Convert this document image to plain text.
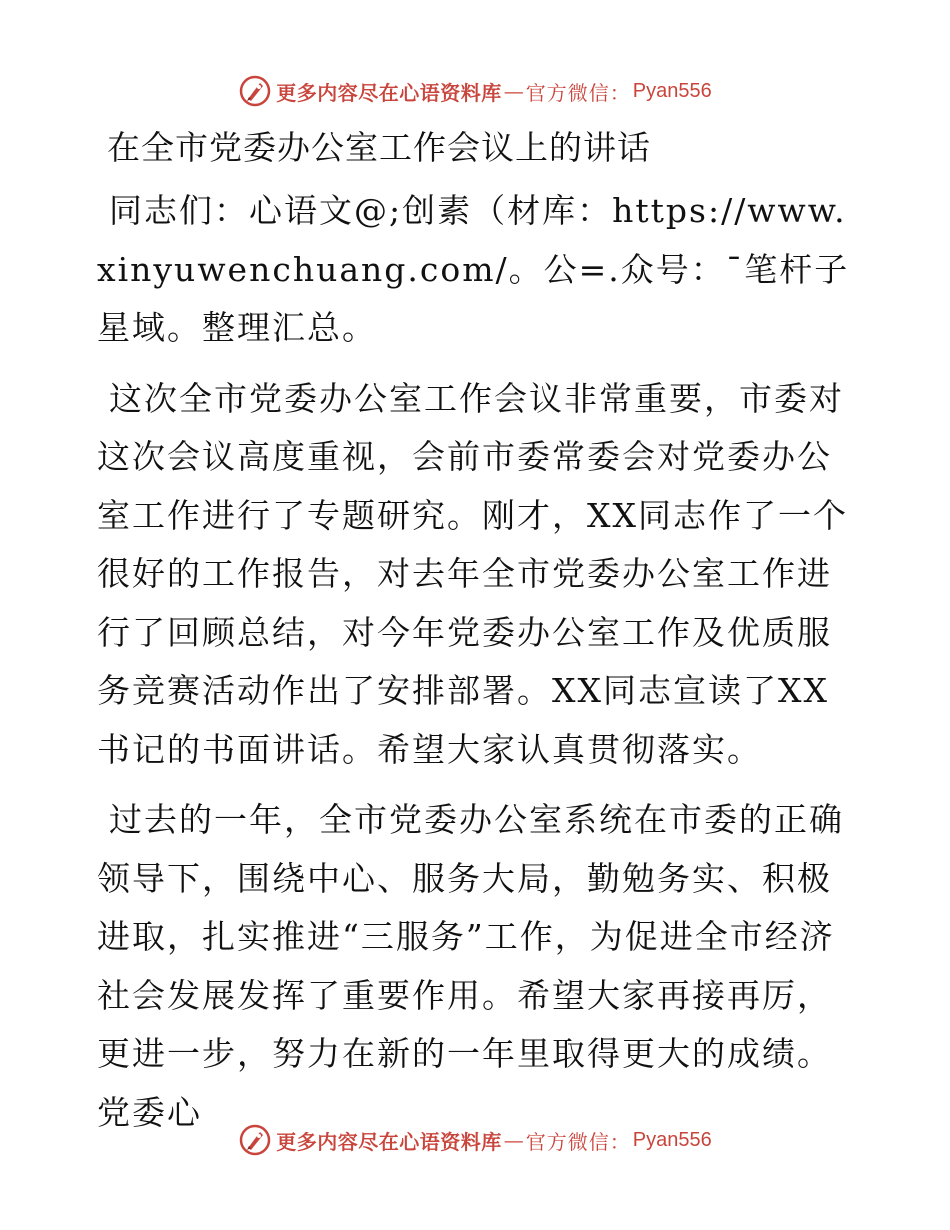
更多内容尽在心语资料库 — 官方微信： Pyan556
在全市党委办公室工作会议上的讲话
同志们：心语文@;创素（材库：https://www.xinyuwenchuang.com/。公=.众号：¯笔杆子星域。整理汇总。
这次全市党委办公室工作会议非常重要，市委对这次会议高度重视，会前市委常委会对党委办公室工作进行了专题研究。刚才，XX同志作了一个很好的工作报告，对去年全市党委办公室工作进行了回顾总结，对今年党委办公室工作及优质服务竞赛活动作出了安排部署。XX同志宣读了XX书记的书面讲话。希望大家认真贯彻落实。
过去的一年，全市党委办公室系统在市委的正确领导下，围绕中心、服务大局，勤勉务实、积极进取，扎实推进“三服务”工作，为促进全市经济社会发展发挥了重要作用。希望大家再接再厉，更进一步，努力在新的一年里取得更大的成绩。党委心
更多内容尽在心语资料库 — 官方微信： Pyan556
